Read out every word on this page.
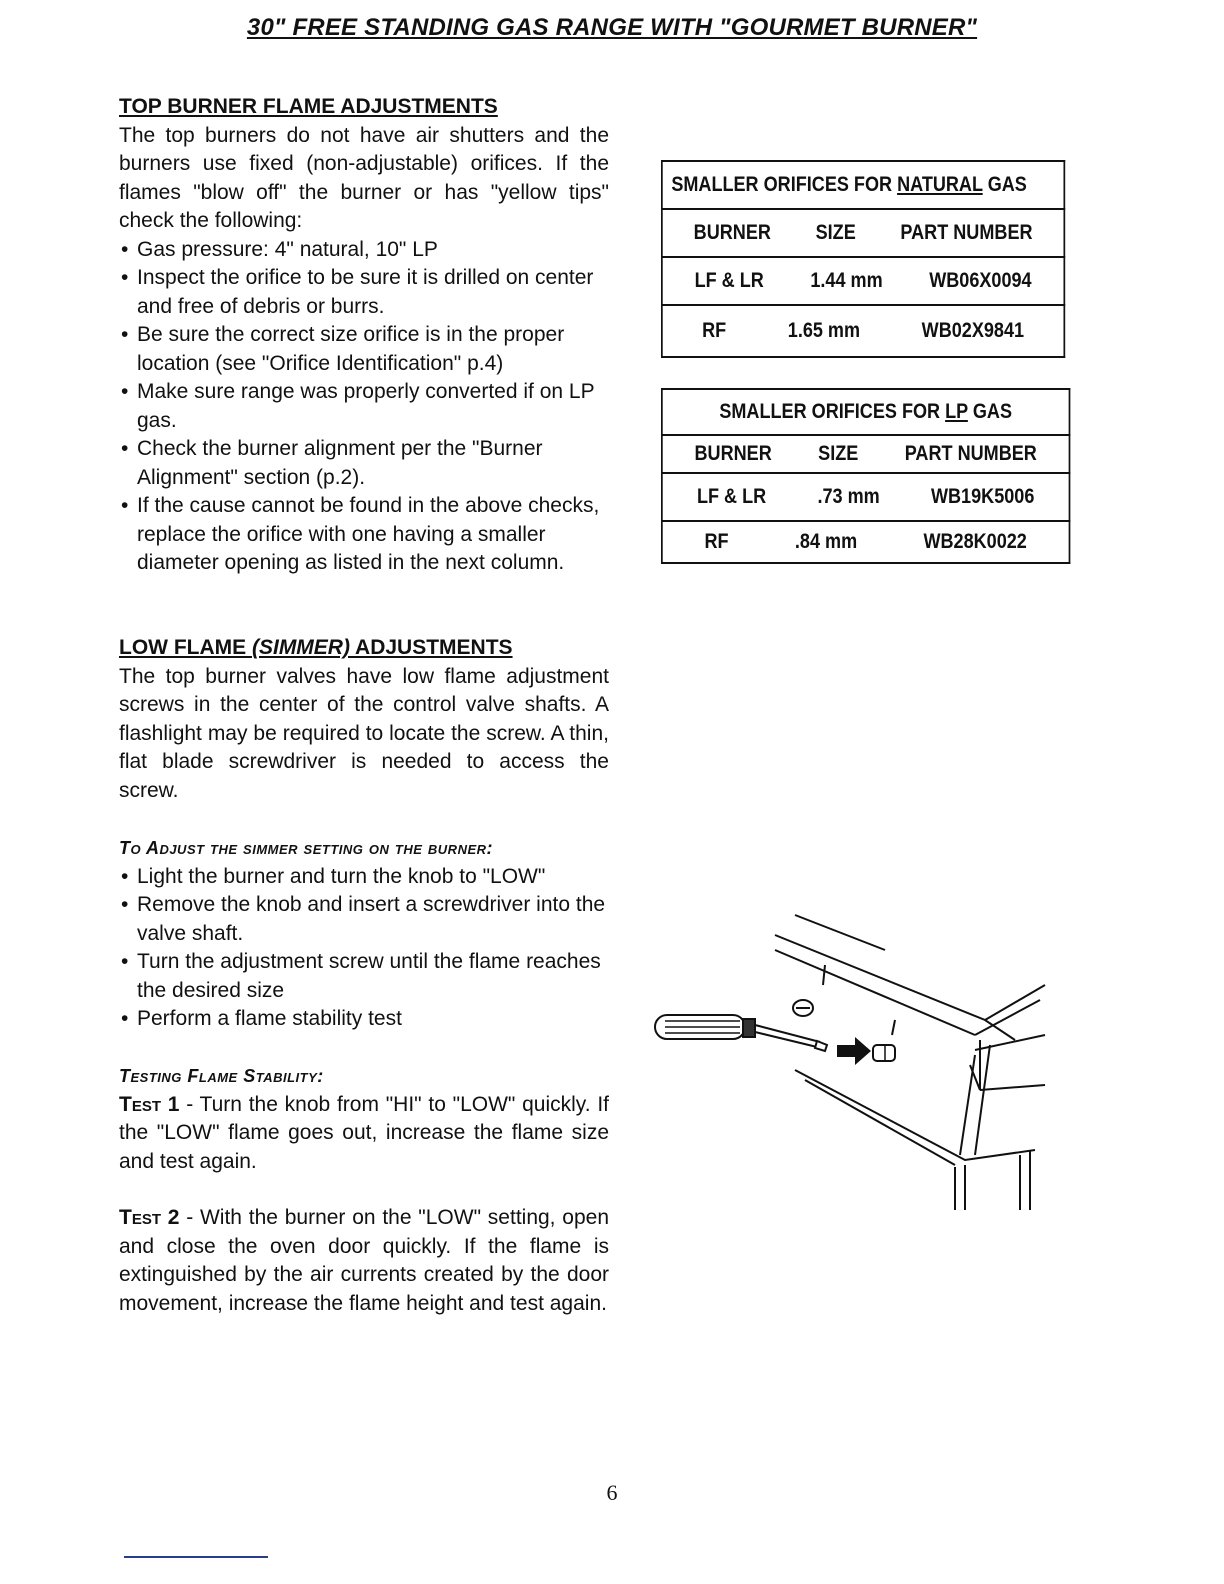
30" FREE STANDING GAS RANGE WITH "GOURMET BURNER"
TOP BURNER FLAME ADJUSTMENTS
The top burners do not have air shutters and the burners use fixed (non-adjustable) orifices. If the flames "blow off" the burner or has "yellow tips" check the following:
• Gas pressure: 4" natural, 10" LP
• Inspect the orifice to be sure it is drilled on center and free of debris or burrs.
• Be sure the correct size orifice is in the proper location (see "Orifice Identification" p.4)
• Make sure range was properly converted if on LP gas.
• Check the burner alignment per the "Burner Alignment" section (p.2).
• If the cause cannot be found in the above checks, replace the orifice with one having a smaller diameter opening as listed in the next column.
LOW FLAME (SIMMER) ADJUSTMENTS
The top burner valves have low flame adjustment screws in the center of the control valve shafts. A flashlight may be required to locate the screw. A thin, flat blade screwdriver is needed to access the screw.
To Adjust the simmer setting on the burner:
• Light the burner and turn the knob to "LOW"
• Remove the knob and insert a screwdriver into the valve shaft.
• Turn the adjustment screw until the flame reaches the desired size
• Perform a flame stability test
Testing Flame Stability:
Test 1 - Turn the knob from "HI" to "LOW" quickly. If the "LOW" flame goes out, increase the flame size and test again.
Test 2 - With the burner on the "LOW" setting, open and close the oven door quickly. If the flame is extinguished by the air currents created by the door movement, increase the flame height and test again.
SMALLER ORIFICES FOR NATURAL GAS

BURNER SIZE PART NUMBER

LF & LR 1.44 mm WB06X0094

RF	1.65 mm	WB02X9841
SMALLER ORIFICES FOR LP GAS

BURNER SIZE PART NUMBER

LF & LR .73 mm WB19K5006

RF	.84 mm	WB28K0022
6
